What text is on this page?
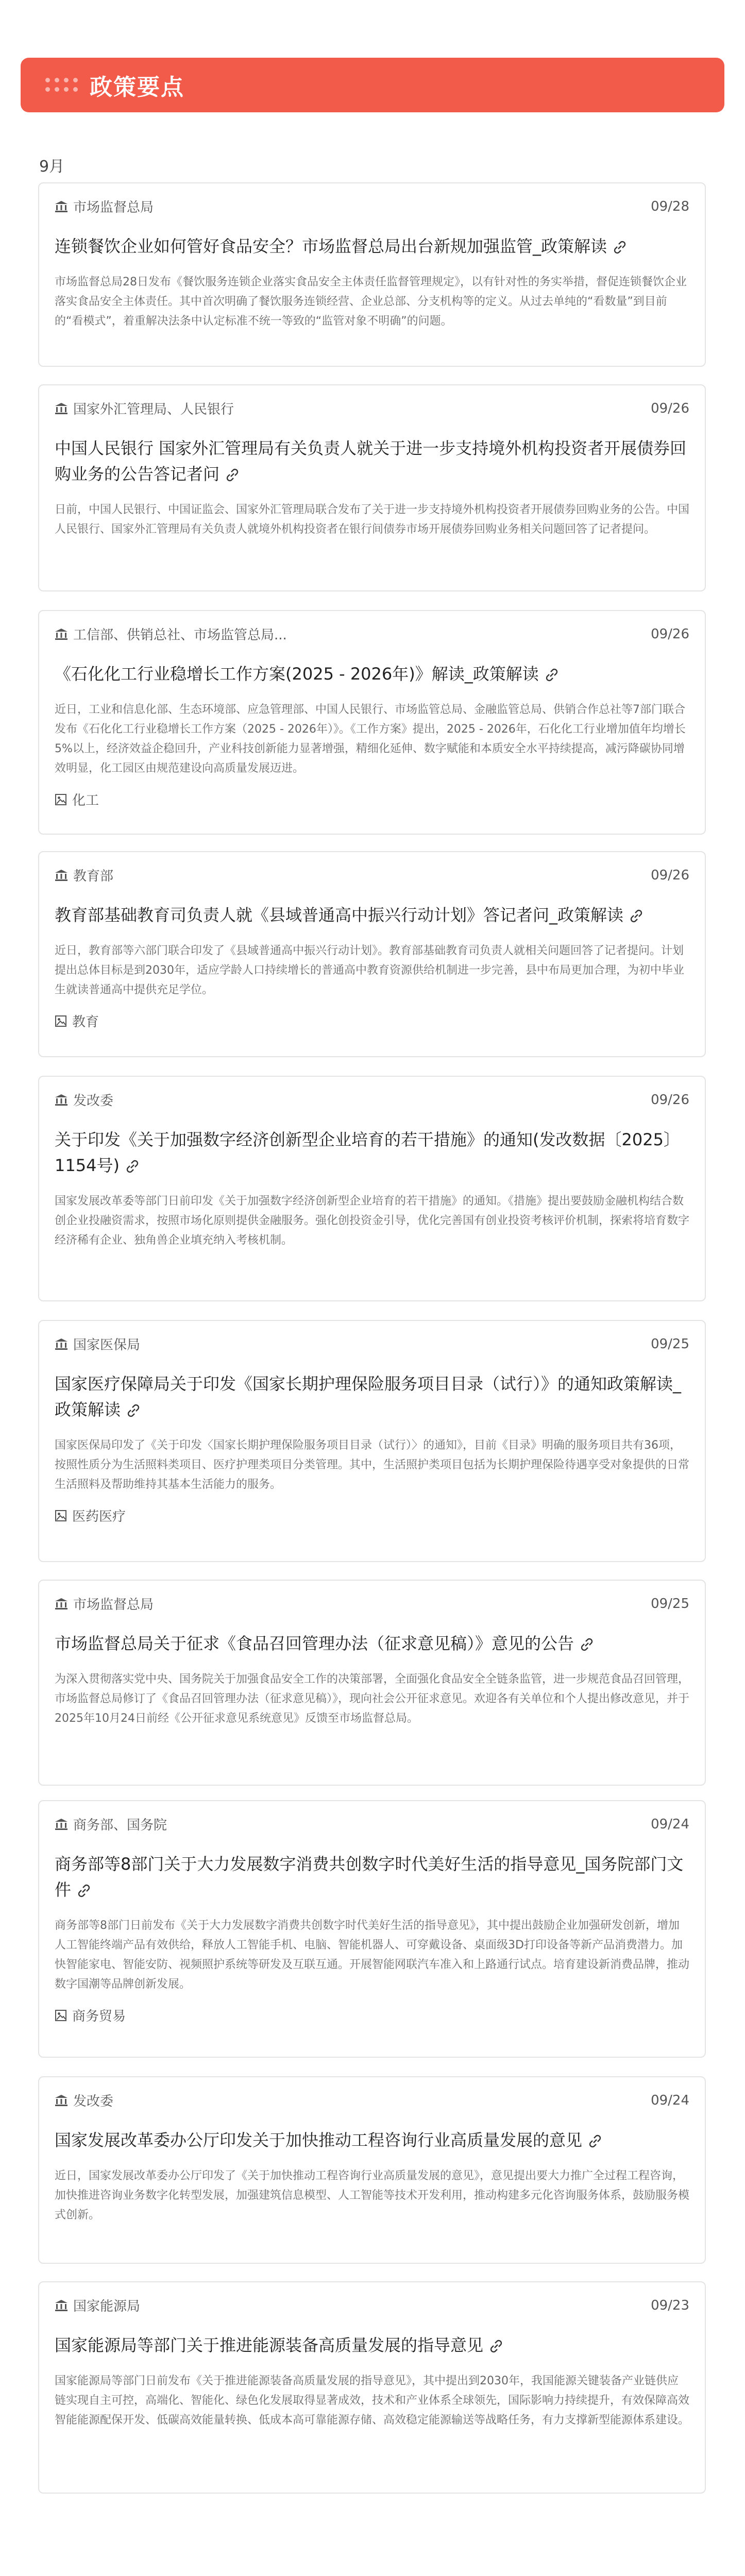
政策要点
9月
市场监督总局	09/28
连锁餐饮企业如何管好食品安全？市场监督总局出台新规加强监管_政策解读
市场监督总局28日发布《餐饮服务连锁企业落实食品安全主体责任监督管理规定》，以有针对性的务实举措，督促连锁餐饮企业落实食品安全主体责任。其中首次明确了餐饮服务连锁经营、企业总部、分支机构等的定义。从过去单纯的“看数量”到目前的“看模式”，着重解决法条中认定标准不统一等致的“监管对象不明确”的问题。
国家外汇管理局、人民银行	09/26
中国人民银行 国家外汇管理局有关负责人就关于进一步支持境外机构投资者开展债券回购业务的公告答记者问
日前，中国人民银行、中国证监会、国家外汇管理局联合发布了关于进一步支持境外机构投资者开展债券回购业务的公告。中国人民银行、国家外汇管理局有关负责人就境外机构投资者在银行间债券市场开展债券回购业务相关问题回答了记者提问。
工信部、供销总社、市场监管总局...	09/26
《石化化工行业稳增长工作方案(2025 - 2026年)》解读_政策解读
近日，工业和信息化部、生态环境部、应急管理部、中国人民银行、市场监管总局、金融监管总局、供销合作总社等7部门联合发布《石化化工行业稳增长工作方案（2025 - 2026年）》。《工作方案》提出，2025 - 2026年，石化化工行业增加值年均增长5%以上，经济效益企稳回升，产业科技创新能力显著增强，精细化延伸、数字赋能和本质安全水平持续提高，减污降碳协同增效明显，化工园区由规范建设向高质量发展迈进。
化工
教育部	09/26
教育部基础教育司负责人就《县域普通高中振兴行动计划》答记者问_政策解读
近日，教育部等六部门联合印发了《县域普通高中振兴行动计划》。教育部基础教育司负责人就相关问题回答了记者提问。计划提出总体目标是到2030年，适应学龄人口持续增长的普通高中教育资源供给机制进一步完善，县中布局更加合理，为初中毕业生就读普通高中提供充足学位。
教育
发改委	09/26
关于印发《关于加强数字经济创新型企业培育的若干措施》的通知(发改数据〔2025〕1154号)
国家发展改革委等部门日前印发《关于加强数字经济创新型企业培育的若干措施》的通知。《措施》提出要鼓励金融机构结合数创企业投融资需求，按照市场化原则提供金融服务。强化创投资金引导，优化完善国有创业投资考核评价机制，探索将培育数字经济稀有企业、独角兽企业填充纳入考核机制。
国家医保局	09/25
国家医疗保障局关于印发《国家长期护理保险服务项目目录（试行）》的通知政策解读_政策解读
国家医保局印发了《关于印发〈国家长期护理保险服务项目目录（试行）〉的通知》，目前《目录》明确的服务项目共有36项，按照性质分为生活照料类项目、医疗护理类项目分类管理。其中，生活照护类项目包括为长期护理保险待遇享受对象提供的日常生活照料及帮助维持其基本生活能力的服务。
医药医疗
市场监督总局	09/25
市场监督总局关于征求《食品召回管理办法（征求意见稿）》意见的公告
为深入贯彻落实党中央、国务院关于加强食品安全工作的决策部署，全面强化食品安全全链条监管，进一步规范食品召回管理，市场监督总局修订了《食品召回管理办法（征求意见稿）》，现向社会公开征求意见。欢迎各有关单位和个人提出修改意见，并于2025年10月24日前经《公开征求意见系统意见》反馈至市场监督总局。
商务部、国务院	09/24
商务部等8部门关于大力发展数字消费共创数字时代美好生活的指导意见_国务院部门文件
商务部等8部门日前发布《关于大力发展数字消费共创数字时代美好生活的指导意见》，其中提出鼓励企业加强研发创新，增加人工智能终端产品有效供给，释放人工智能手机、电脑、智能机器人、可穿戴设备、桌面级3D打印设备等新产品消费潜力。加快智能家电、智能安防、视频照护系统等研发及互联互通。开展智能网联汽车准入和上路通行试点。培育建设新消费品牌，推动数字国潮等品牌创新发展。
商务贸易
发改委	09/24
国家发展改革委办公厅印发关于加快推动工程咨询行业高质量发展的意见
近日，国家发展改革委办公厅印发了《关于加快推动工程咨询行业高质量发展的意见》，意见提出要大力推广全过程工程咨询，加快推进咨询业务数字化转型发展，加强建筑信息模型、人工智能等技术开发利用，推动构建多元化咨询服务体系，鼓励服务模式创新。
国家能源局	09/23
国家能源局等部门关于推进能源装备高质量发展的指导意见
国家能源局等部门日前发布《关于推进能源装备高质量发展的指导意见》，其中提出到2030年，我国能源关键装备产业链供应链实现自主可控，高端化、智能化、绿色化发展取得显著成效，技术和产业体系全球领先，国际影响力持续提升，有效保障高效智能能源配保开发、低碳高效能量转换、低成本高可靠能源存储、高效稳定能源输送等战略任务，有力支撑新型能源体系建设。
